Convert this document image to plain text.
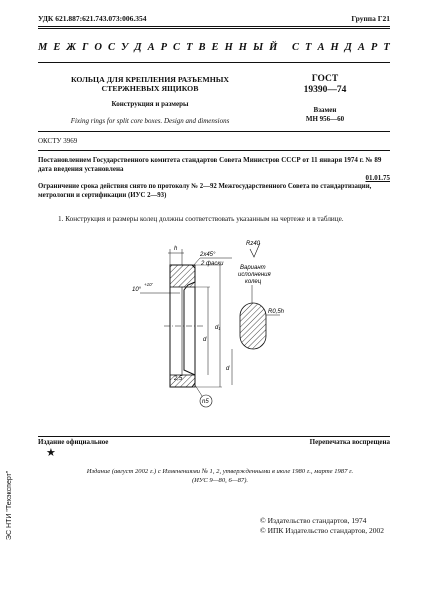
УДК 621.887:621.743.073:006.354	Группа Г21
М Е Ж Г О С У Д А Р С Т В Е Н Н Ы Й
С Т А Н Д А Р Т
КОЛЬЦА ДЛЯ КРЕПЛЕНИЯ РАЗЪЕМНЫХ
СТЕРЖНЕВЫХ ЯЩИКОВ
ГОСТ
19390—74
Конструкция и размеры
Взамен
МН 956—60
Fixing rings for split core boxes. Design and dimensions
ОКСТУ 3969
Постановлением Государственного комитета стандартов Совета Министров СССР от 11 января 1974 г. № 89 дата введения установлена
01.01.75
Ограничение срока действия снято по протоколу № 2—92 Межгосударственного Совета по стандартизации, метрологии и сертификации (ИУС 2—93)
1. Конструкция и размеры колец должны соответствовать указанным на чертеже и в таблице.
h
2х45°
2 фаски
10°
+10'
d
d₁
2,5
n5
Rz40
Вариант
исполнения
колец
R0,5h
d
Издание официальное	Перепечатка воспрещена
★
Издание (август 2002 г.) с Изменениями № 1, 2, утвержденными в июле 1980 г., марте 1987 г.
(ИУС 9—80, 6—87).
© Издательство стандартов, 1974
© ИПК Издательство стандартов, 2002
ЭС НТИ "Техэксперт"
